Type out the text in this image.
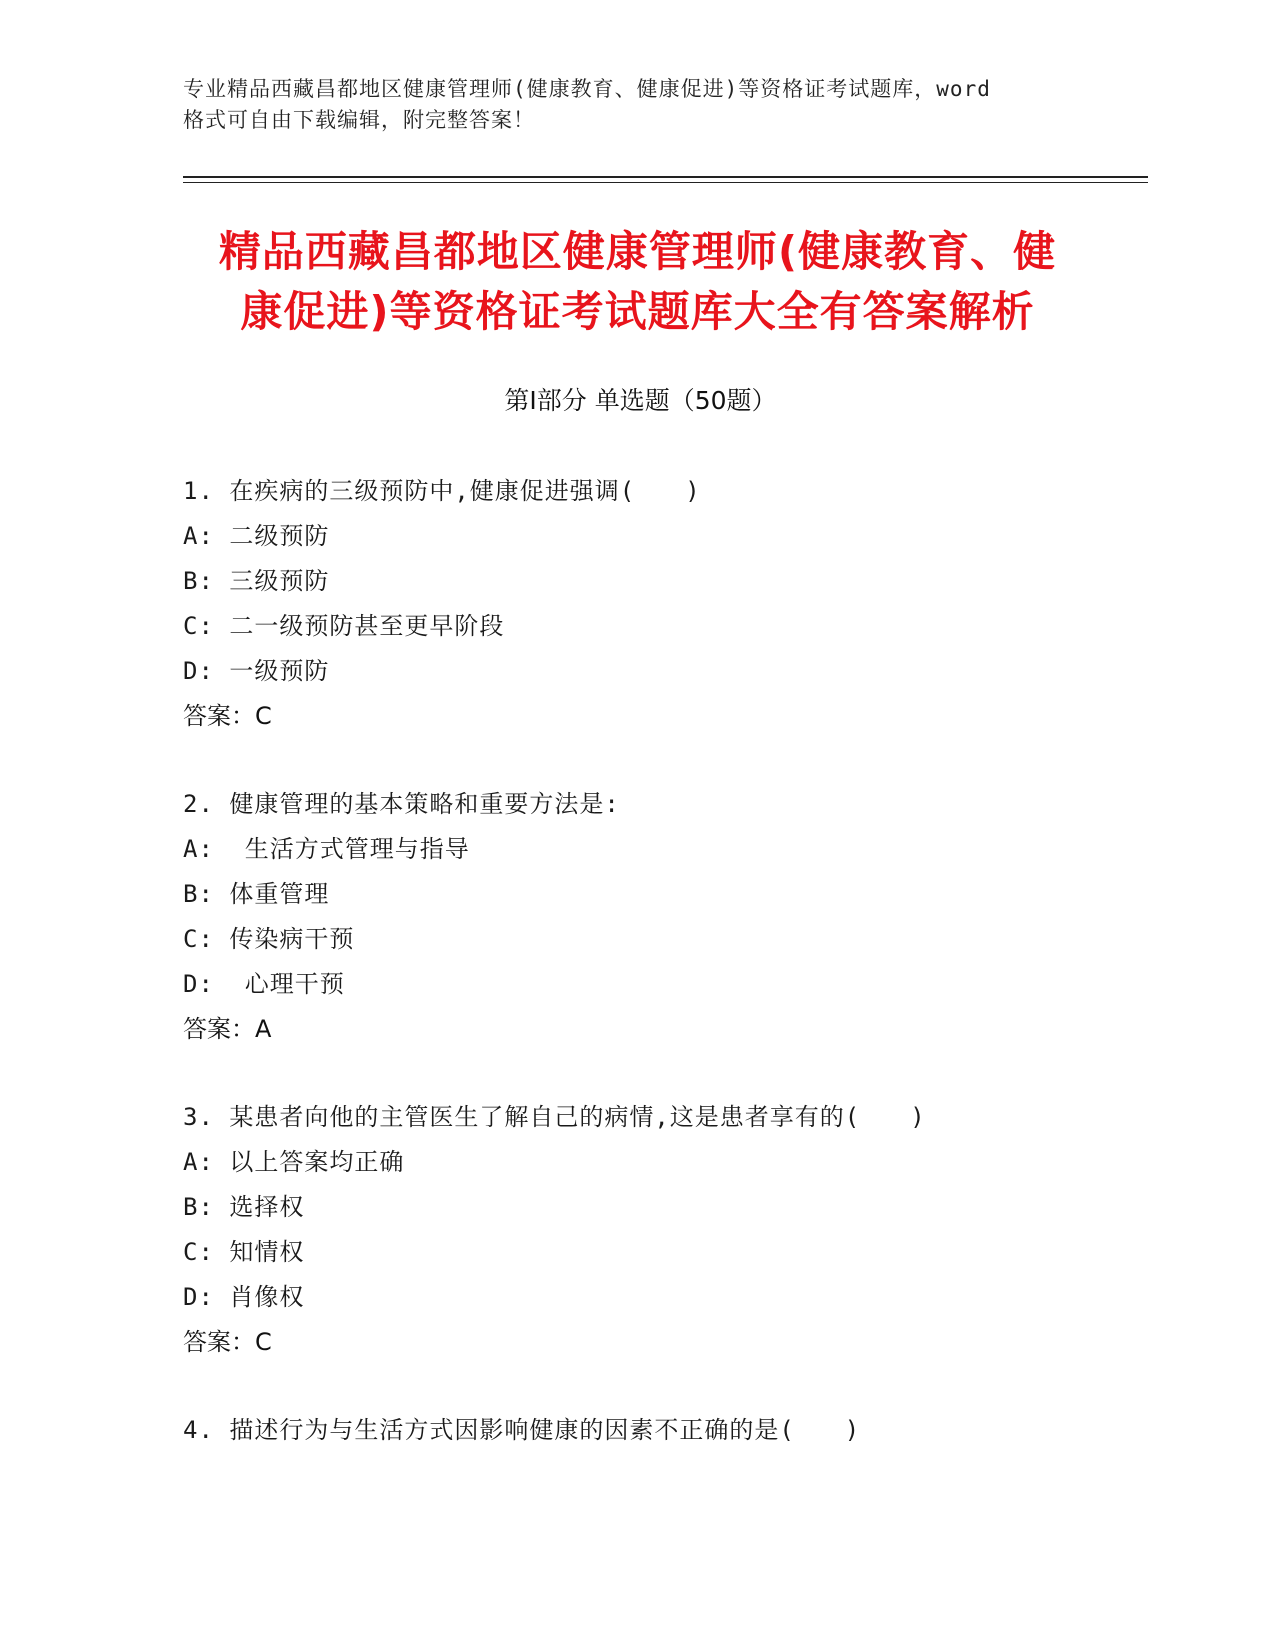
专业精品西藏昌都地区健康管理师(健康教育、健康促进)等资格证考试题库，word
格式可自由下载编辑，附完整答案！
精品西藏昌都地区健康管理师(健康教育、健
康促进)等资格证考试题库大全有答案解析
第Ⅰ部分 单选题（50题）
1. 在疾病的三级预防中,健康促进强调(　　)
A: 二级预防
B: 三级预防
C: 二一级预防甚至更早阶段
D: 一级预防
答案：C
2. 健康管理的基本策略和重要方法是:
A:  生活方式管理与指导
B: 体重管理
C: 传染病干预
D:  心理干预
答案：A
3. 某患者向他的主管医生了解自己的病情,这是患者享有的(　　)
A: 以上答案均正确
B: 选择权
C: 知情权
D: 肖像权
答案：C
4. 描述行为与生活方式因影响健康的因素不正确的是(　　)
